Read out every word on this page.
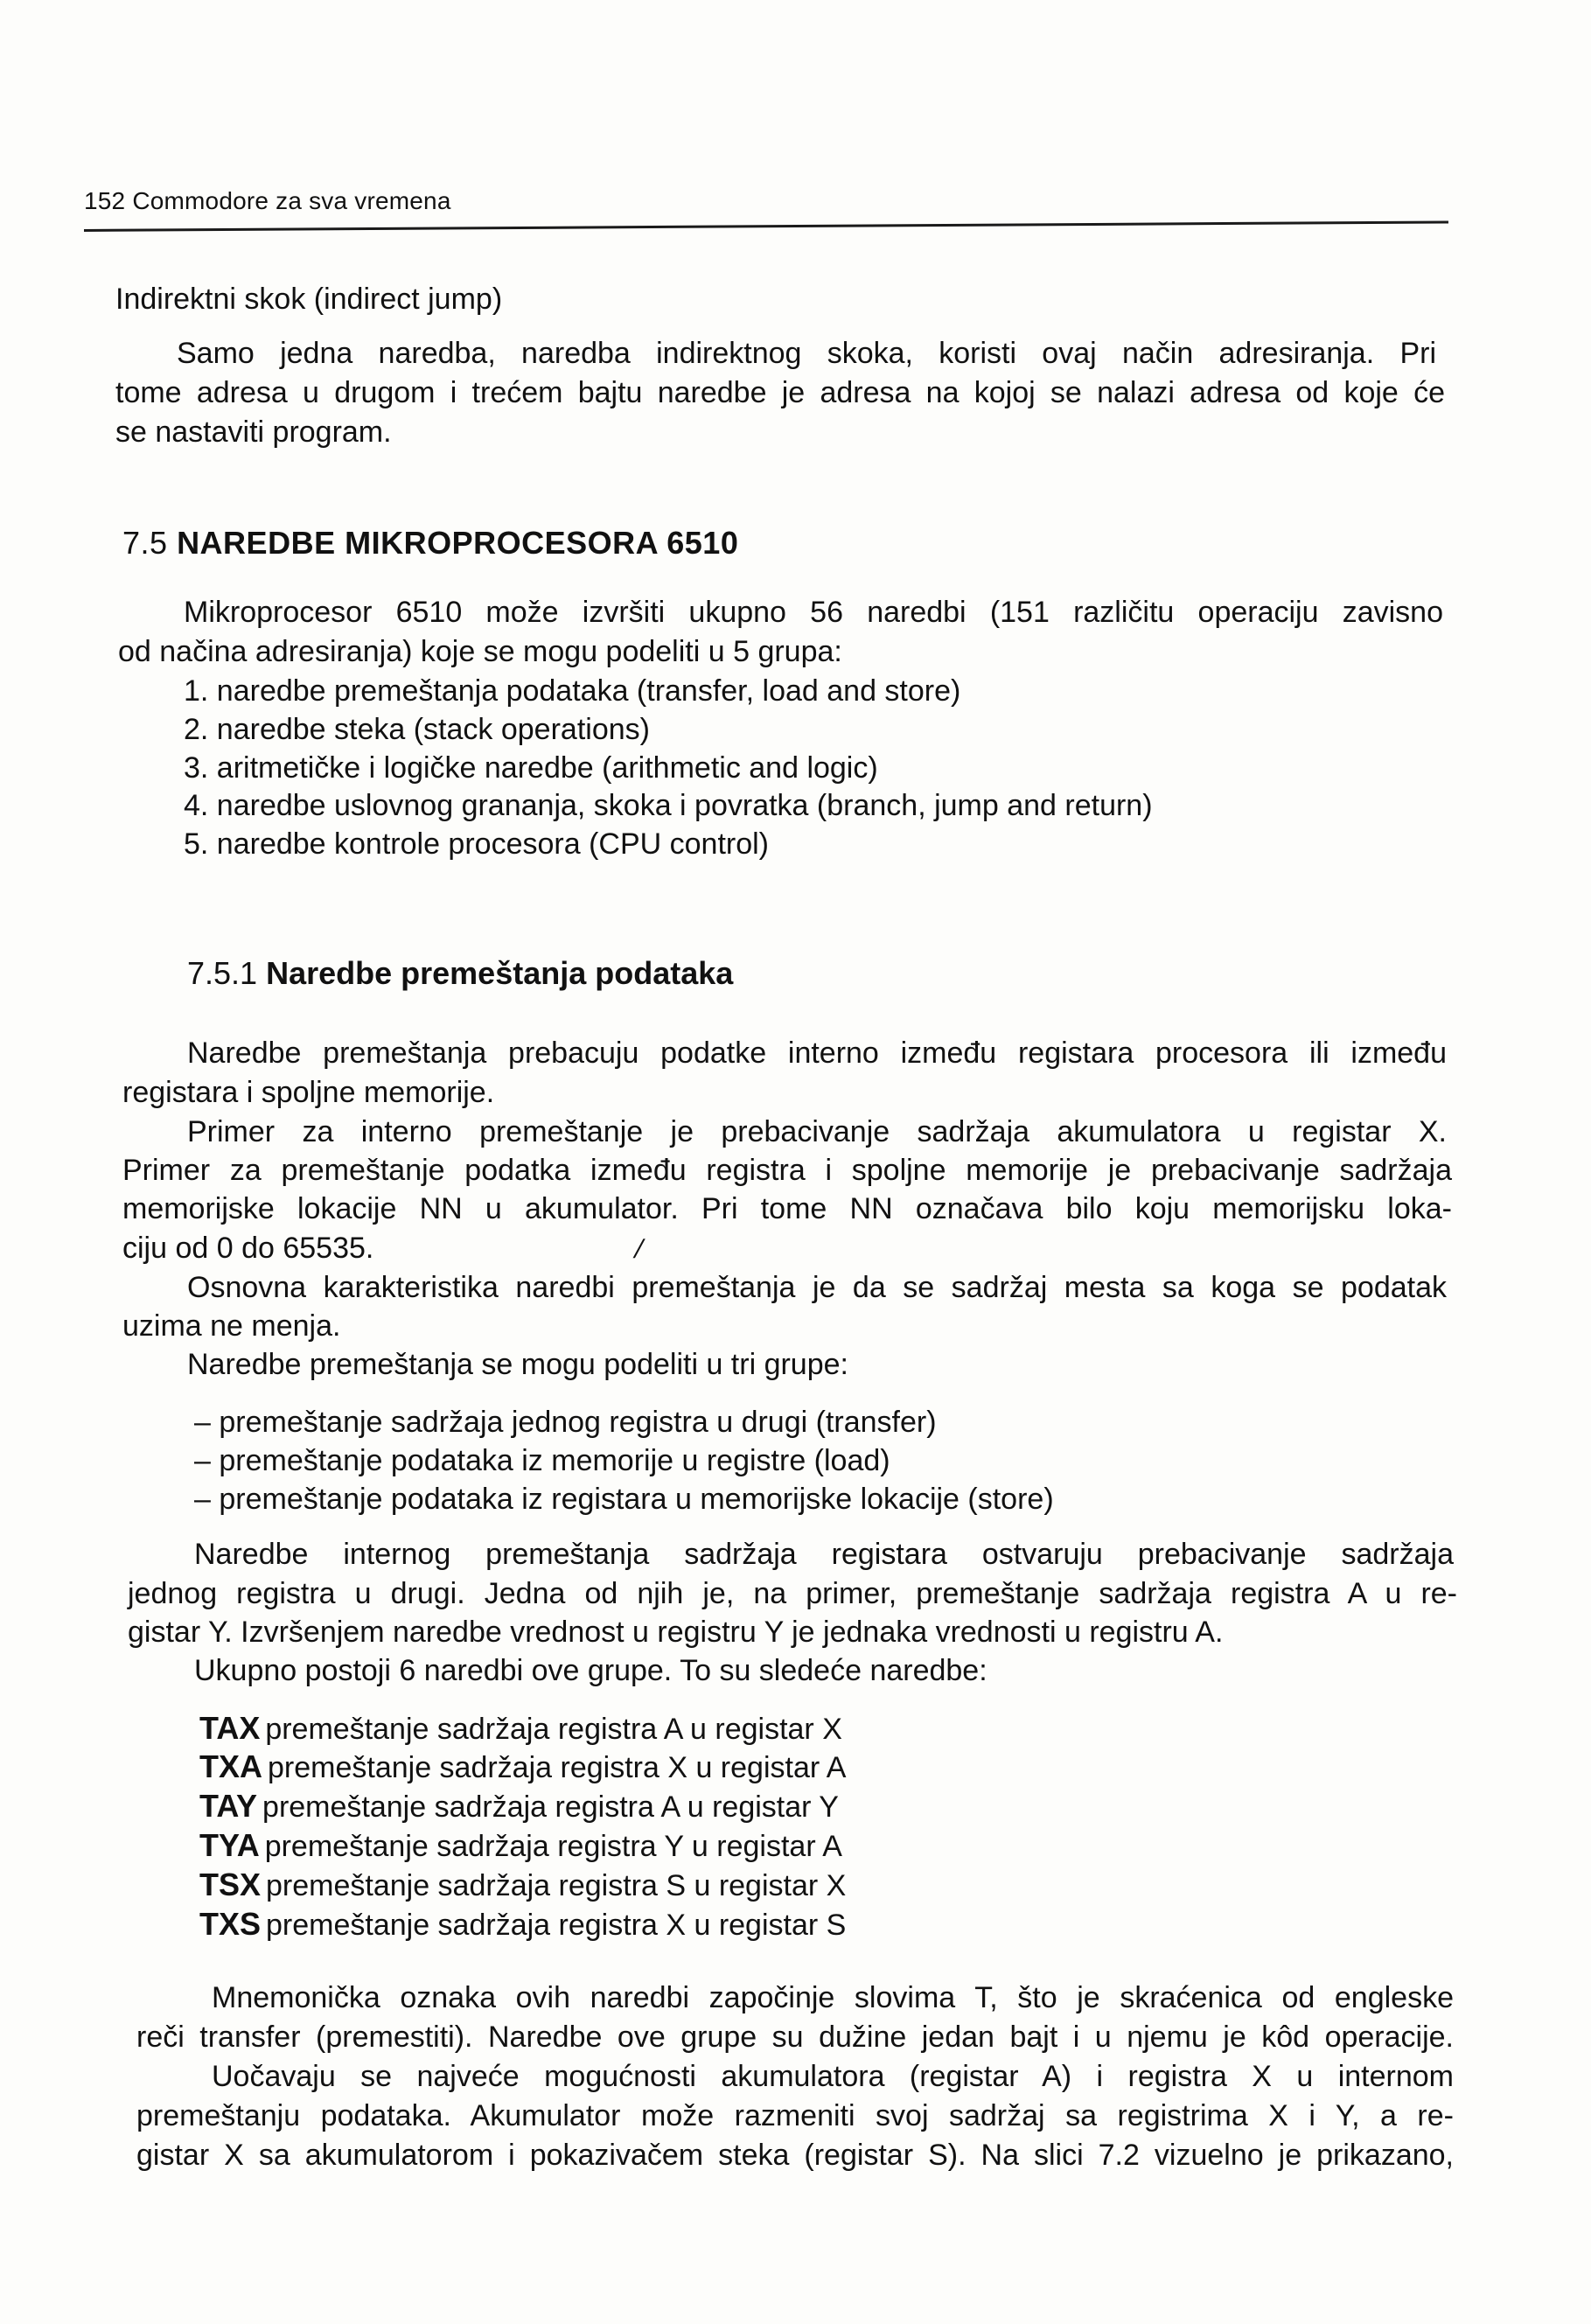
152 Commodore za sva vremena
Indirektni skok (indirect jump)
Samo jedna naredba, naredba indirektnog skoka, koristi ovaj način adresiranja. Pri
tome adresa u drugom i trećem bajtu naredbe je adresa na kojoj se nalazi adresa od koje će
se nastaviti program.
7.5 NAREDBE MIKROPROCESORA 6510
Mikroprocesor 6510 može izvršiti ukupno 56 naredbi (151 različitu operaciju zavisno
od načina adresiranja) koje se mogu podeliti u 5 grupa:
1. naredbe premeštanja podataka (transfer, load and store)
2. naredbe steka (stack operations)
3. aritmetičke i logičke naredbe (arithmetic and logic)
4. naredbe uslovnog grananja, skoka i povratka (branch, jump and return)
5. naredbe kontrole procesora (CPU control)
7.5.1 Naredbe premeštanja podataka
Naredbe premeštanja prebacuju podatke interno između registara procesora ili između
registara i spoljne memorije.
Primer za interno premeštanje je prebacivanje sadržaja akumulatora u registar X.
Primer za premeštanje podatka između registra i spoljne memorije je prebacivanje sadržaja
memorijske lokacije NN u akumulator. Pri tome NN označava bilo koju memorijsku loka-
ciju od 0 do 65535.	/
Osnovna karakteristika naredbi premeštanja je da se sadržaj mesta sa koga se podatak
uzima ne menja.
Naredbe premeštanja se mogu podeliti u tri grupe:
– premeštanje sadržaja jednog registra u drugi (transfer)
– premeštanje podataka iz memorije u registre (load)
– premeštanje podataka iz registara u memorijske lokacije (store)
Naredbe internog premeštanja sadržaja registara ostvaruju prebacivanje sadržaja
jednog registra u drugi. Jedna od njih je, na primer, premeštanje sadržaja registra A u re-
gistar Y. Izvršenjem naredbe vrednost u registru Y je jednaka vrednosti u registru A.
Ukupno postoji 6 naredbi ove grupe. To su sledeće naredbe:
TAX premeštanje sadržaja registra A u registar X
TXA premeštanje sadržaja registra X u registar A
TAY premeštanje sadržaja registra A u registar Y
TYA premeštanje sadržaja registra Y u registar A
TSX premeštanje sadržaja registra S u registar X
TXS premeštanje sadržaja registra X u registar S
Mnemonička oznaka ovih naredbi započinje slovima T, što je skraćenica od engleske
reči transfer (premestiti). Naredbe ove grupe su dužine jedan bajt i u njemu je kôd operacije.
Uočavaju se najveće mogućnosti akumulatora (registar A) i registra X u internom
premeštanju podataka. Akumulator može razmeniti svoj sadržaj sa registrima X i Y, a re-
gistar X sa akumulatorom i pokazivačem steka (registar S). Na slici 7.2 vizuelno je prikazano,
